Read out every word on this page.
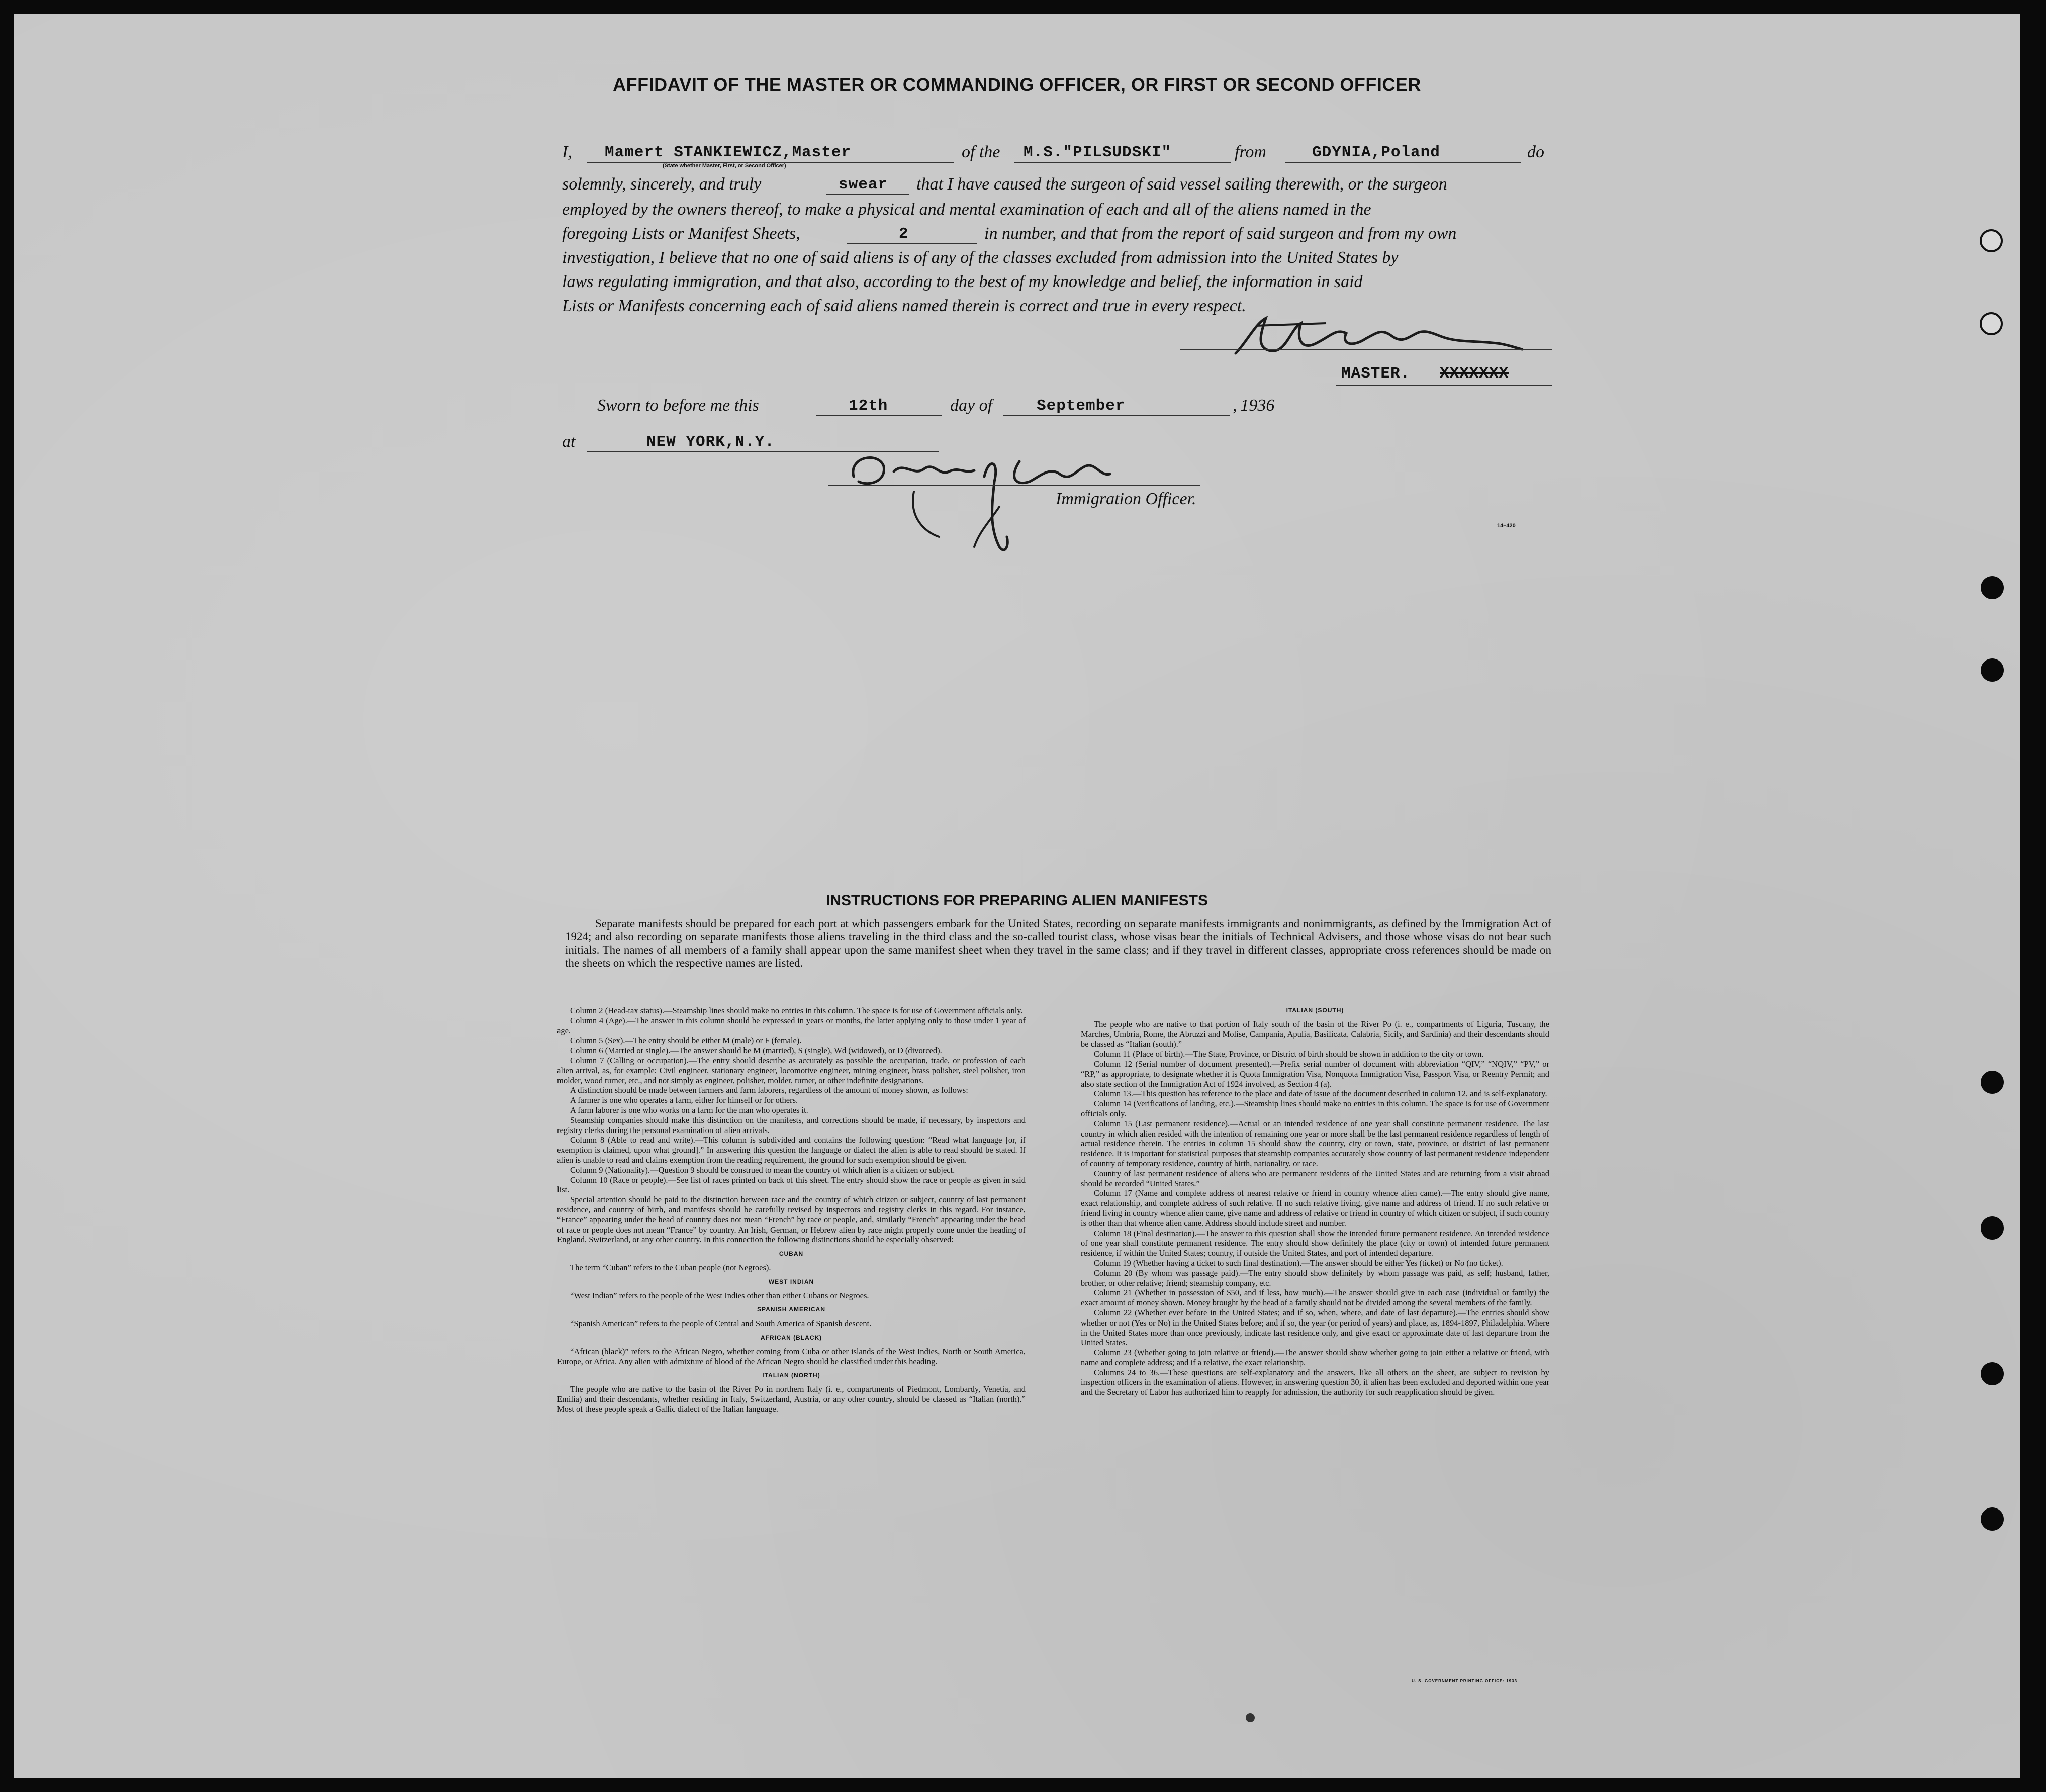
AFFIDAVIT OF THE MASTER OR COMMANDING OFFICER, OR FIRST OR SECOND OFFICER
I,	Mamert STANKIEWICZ,Master
(State whether Master, First, or Second Officer)
of the M.S."PILSUDSKI"	from	GDYNIA,Poland	do
solemnly, sincerely, and truly	swear that I have caused the surgeon of said vessel sailing therewith, or the surgeon
employed by the owners thereof, to make a physical and mental examination of each and all of the aliens named in the
foregoing Lists or Manifest Sheets,	2	in number, and that from the report of said surgeon and from my own
investigation, I believe that no one of said aliens is of any of the classes excluded from admission into the United States by
laws regulating immigration, and that also, according to the best of my knowledge and belief, the information in said
Lists or Manifests concerning each of said aliens named therein is correct and true in every respect.
MASTER. XXXXXXX
Sworn to before me this	12th	day of	September	, 1936
at	NEW YORK,N.Y.
Immigration Officer.
14–420
INSTRUCTIONS FOR PREPARING ALIEN MANIFESTS
Separate manifests should be prepared for each port at which passengers embark for the United States, recording on separate manifests immigrants and nonimmigrants, as defined by the Immigration Act of 1924; and also recording on separate manifests those aliens traveling in the third class and the so-called tourist class, whose visas bear the initials of Technical Advisers, and those whose visas do not bear such initials. The names of all members of a family shall appear upon the same manifest sheet when they travel in the same class; and if they travel in different classes, appropriate cross references should be made on the sheets on which the respective names are listed.

Column 2 (Head-tax status).—Steamship lines should make no entries in this column. The space is for use of Government officials only.

Column 4 (Age).—The answer in this column should be expressed in years or months, the latter applying only to those under 1 year of age.

Column 5 (Sex).—The entry should be either M (male) or F (female).

Column 6 (Married or single).—The answer should be M (married), S (single), Wd (widowed), or D (divorced).

Column 7 (Calling or occupation).—The entry should describe as accurately as possible the occupation, trade, or profession of each alien arrival, as, for example: Civil engineer, stationary engineer, locomotive engineer, mining engineer, brass polisher, steel polisher, iron molder, wood turner, etc., and not simply as engineer, polisher, molder, turner, or other indefinite designations.

A distinction should be made between farmers and farm laborers, regardless of the amount of money shown, as follows:

A farmer is one who operates a farm, either for himself or for others.

A farm laborer is one who works on a farm for the man who operates it.

Steamship companies should make this distinction on the manifests, and corrections should be made, if necessary, by inspectors and registry clerks during the personal examination of alien arrivals.

Column 8 (Able to read and write).—This column is subdivided and contains the following question: “Read what language [or, if exemption is claimed, upon what ground].” In answering this question the language or dialect the alien is able to read should be stated. If alien is unable to read and claims exemption from the reading requirement, the ground for such exemption should be given.

Column 9 (Nationality).—Question 9 should be construed to mean the country of which alien is a citizen or subject.

Column 10 (Race or people).—See list of races printed on back of this sheet. The entry should show the race or people as given in said list.

Special attention should be paid to the distinction between race and the country of which citizen or subject, country of last permanent residence, and country of birth, and manifests should be carefully revised by inspectors and registry clerks in this regard. For instance, “France” appearing under the head of country does not mean “French” by race or people, and, similarly “French” appearing under the head of race or people does not mean “France” by country. An Irish, German, or Hebrew alien by race might properly come under the heading of England, Switzerland, or any other country. In this connection the following distinctions should be especially observed:

CUBAN

The term “Cuban” refers to the Cuban people (not Negroes).

WEST INDIAN

“West Indian” refers to the people of the West Indies other than either Cubans or Negroes.

SPANISH AMERICAN

“Spanish American” refers to the people of Central and South America of Spanish descent.

AFRICAN (BLACK)

“African (black)” refers to the African Negro, whether coming from Cuba or other islands of the West Indies, North or South America, Europe, or Africa. Any alien with admixture of blood of the African Negro should be classified under this heading.

ITALIAN (NORTH)

The people who are native to the basin of the River Po in northern Italy (i. e., compartments of Piedmont, Lombardy, Venetia, and Emilia) and their descendants, whether residing in Italy, Switzerland, Austria, or any other country, should be classed as “Italian (north).” Most of these people speak a Gallic dialect of the Italian language.

ITALIAN (SOUTH)

The people who are native to that portion of Italy south of the basin of the River Po (i. e., compartments of Liguria, Tuscany, the Marches, Umbria, Rome, the Abruzzi and Molise, Campania, Apulia, Basilicata, Calabria, Sicily, and Sardinia) and their descendants should be classed as “Italian (south).”

Column 11 (Place of birth).—The State, Province, or District of birth should be shown in addition to the city or town.

Column 12 (Serial number of document presented).—Prefix serial number of document with abbreviation “QIV,” “NQIV,” “PV,” or “RP,” as appropriate, to designate whether it is Quota Immigration Visa, Nonquota Immigration Visa, Passport Visa, or Reentry Permit; and also state section of the Immigration Act of 1924 involved, as Section 4 (a).

Column 13.—This question has reference to the place and date of issue of the document described in column 12, and is self-explanatory.

Column 14 (Verifications of landing, etc.).—Steamship lines should make no entries in this column. The space is for use of Government officials only.

Column 15 (Last permanent residence).—Actual or an intended residence of one year shall constitute permanent residence. The last country in which alien resided with the intention of remaining one year or more shall be the last permanent residence regardless of length of actual residence therein. The entries in column 15 should show the country, city or town, state, province, or district of last permanent residence. It is important for statistical purposes that steamship companies accurately show country of last permanent residence independent of country of temporary residence, country of birth, nationality, or race.

Country of last permanent residence of aliens who are permanent residents of the United States and are returning from a visit abroad should be recorded “United States.”

Column 17 (Name and complete address of nearest relative or friend in country whence alien came).—The entry should give name, exact relationship, and complete address of such relative. If no such relative living, give name and address of friend. If no such relative or friend living in country whence alien came, give name and address of relative or friend in country of which citizen or subject, if such country is other than that whence alien came. Address should include street and number.

Column 18 (Final destination).—The answer to this question shall show the intended future permanent residence. An intended residence of one year shall constitute permanent residence. The entry should show definitely the place (city or town) of intended future permanent residence, if within the United States; country, if outside the United States, and port of intended departure.

Column 19 (Whether having a ticket to such final destination).—The answer should be either Yes (ticket) or No (no ticket).

Column 20 (By whom was passage paid).—The entry should show definitely by whom passage was paid, as self; husband, father, brother, or other relative; friend; steamship company, etc.

Column 21 (Whether in possession of $50, and if less, how much).—The answer should give in each case (individual or family) the exact amount of money shown. Money brought by the head of a family should not be divided among the several members of the family.

Column 22 (Whether ever before in the United States; and if so, when, where, and date of last departure).—The entries should show whether or not (Yes or No) in the United States before; and if so, the year (or period of years) and place, as, 1894-1897, Philadelphia. Where in the United States more than once previously, indicate last residence only, and give exact or approximate date of last departure from the United States.

Column 23 (Whether going to join relative or friend).—The answer should show whether going to join either a relative or friend, with name and complete address; and if a relative, the exact relationship.

Columns 24 to 36.—These questions are self-explanatory and the answers, like all others on the sheet, are subject to revision by inspection officers in the examination of aliens. However, in answering question 30, if alien has been excluded and deported within one year and the Secretary of Labor has authorized him to reapply for admission, the authority for such reapplication should be given.

U. S. GOVERNMENT PRINTING OFFICE: 1933
